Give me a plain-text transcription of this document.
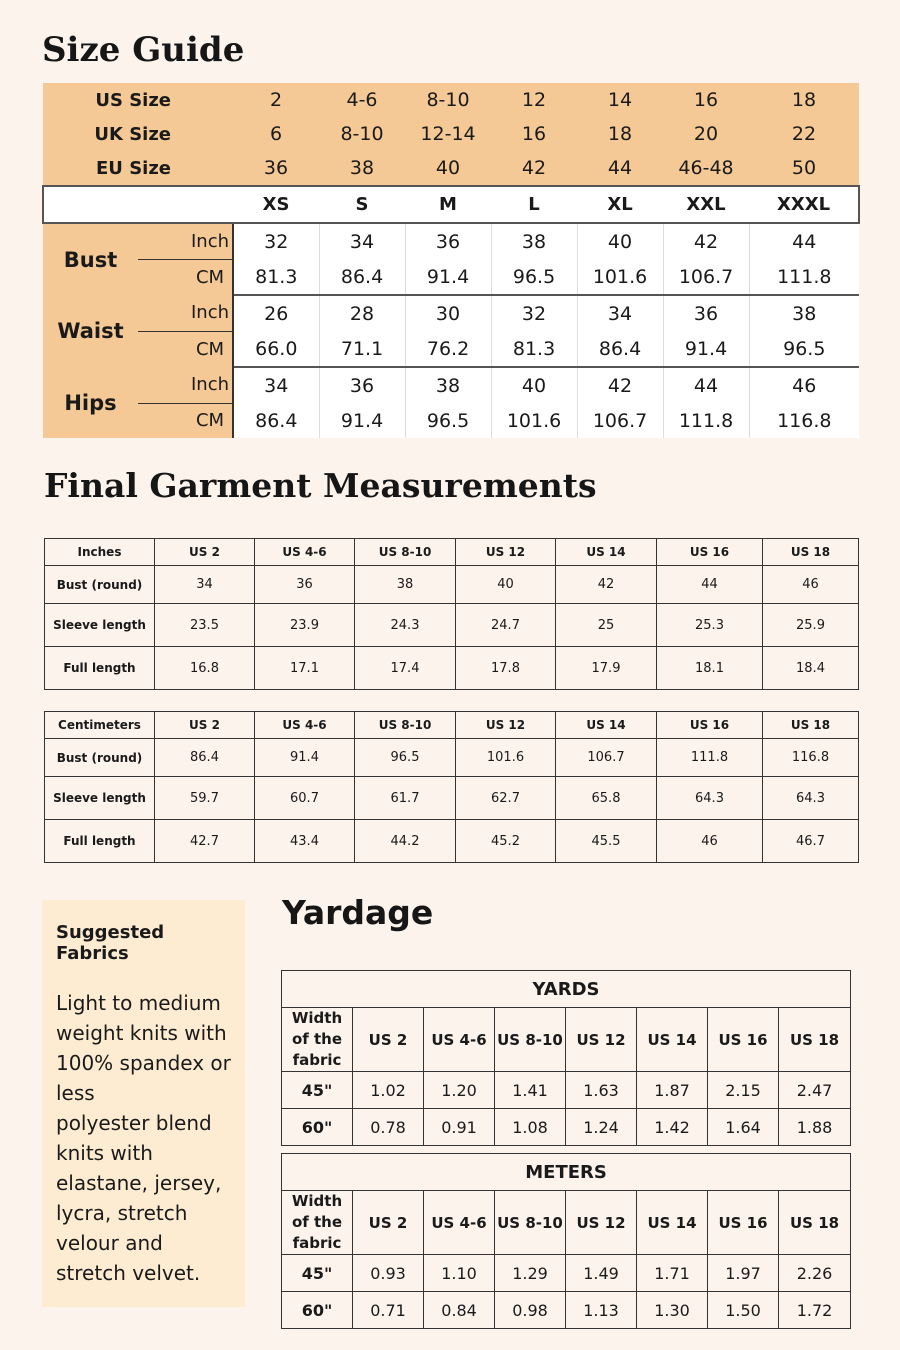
Size Guide
US Size		2	4-6	8-10	12	14	16	18
UK Size		6	8-10	12-14	16	18	20	22
EU Size		36	38	40	42	44	46-48	50
		XS	S	M	L	XL	XXL	XXXL
Bust	Inch	32	34	36	38	40	42	44
	CM	81.3	86.4	91.4	96.5	101.6	106.7	111.8
Waist	Inch	26	28	30	32	34	36	38
	CM	66.0	71.1	76.2	81.3	86.4	91.4	96.5
Hips	Inch	34	36	38	40	42	44	46
	CM	86.4	91.4	96.5	101.6	106.7	111.8	116.8
Final Garment Measurements
Inches	US 2	US 4-6	US 8-10	US 12	US 14	US 16	US 18
Bust (round)	34	36	38	40	42	44	46
Sleeve length	23.5	23.9	24.3	24.7	25	25.3	25.9
Full length	16.8	17.1	17.4	17.8	17.9	18.1	18.4
Centimeters	US 2	US 4-6	US 8-10	US 12	US 14	US 16	US 18
Bust (round)	86.4	91.4	96.5	101.6	106.7	111.8	116.8
Sleeve length	59.7	60.7	61.7	62.7	65.8	64.3	64.3
Full length	42.7	43.4	44.2	45.2	45.5	46	46.7

Suggested Fabrics

Light to medium weight knits with 100% spandex or less
polyester blend knits with elastane, jersey, lycra, stretch velour and stretch velvet.

Yardage
YARDS							
Width of the fabric	US 2	US 4-6	US 8-10	US 12	US 14	US 16	US 18
45"	1.02	1.20	1.41	1.63	1.87	2.15	2.47
60"	0.78	0.91	1.08	1.24	1.42	1.64	1.88
METERS							
Width of the fabric	US 2	US 4-6	US 8-10	US 12	US 14	US 16	US 18
45"	0.93	1.10	1.29	1.49	1.71	1.97	2.26
60"	0.71	0.84	0.98	1.13	1.30	1.50	1.72
